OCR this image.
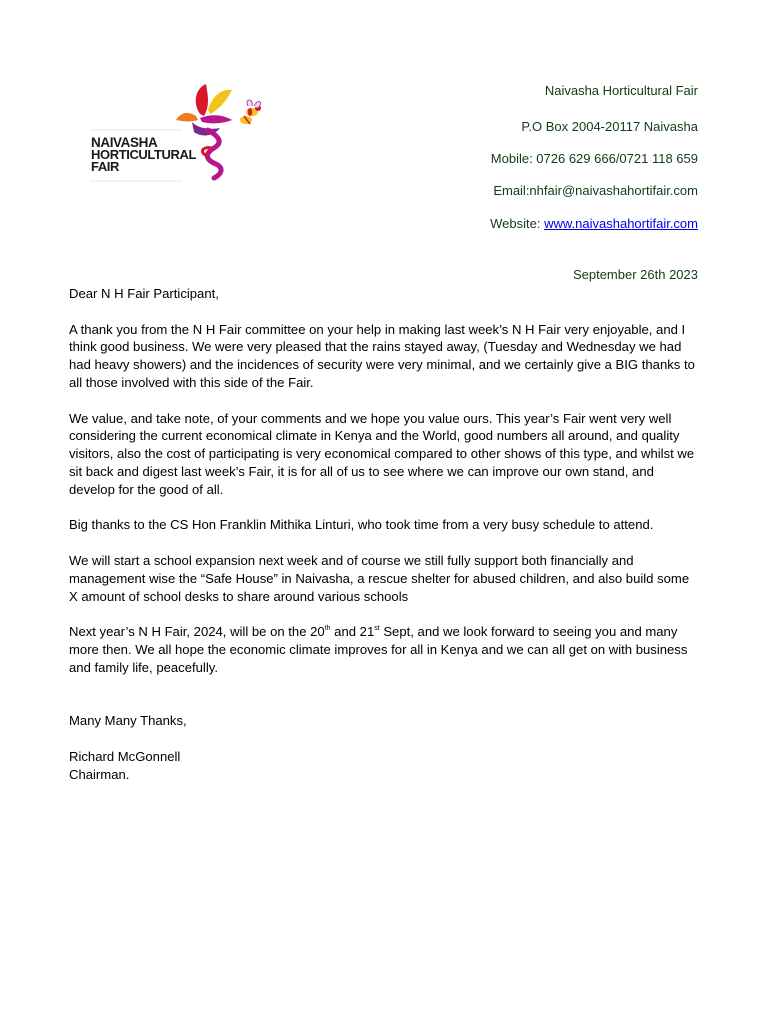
NAIVASHA
HORTICULTURAL
FAIR
Naivasha Horticultural Fair
P.O Box 2004-20117 Naivasha
Mobile: 0726 629 666/0721 118 659
Email:nhfair@naivashahortifair.com
Website: www.naivashahortifair.com
September 26th 2023

Dear N H Fair Participant,

A thank you from the N H Fair committee on your help in making last week’s N H Fair very enjoyable, and I think good business. We were very pleased that the rains stayed away, (Tuesday and Wednesday we had had heavy showers) and the incidences of security were very minimal, and we certainly give a BIG thanks to all those involved with this side of the Fair.

We value, and take note, of your comments and we hope you value ours. This year’s Fair went very well considering the current economical climate in Kenya and the World, good numbers all around, and quality visitors, also the cost of participating is very economical compared to other shows of this type, and whilst we sit back and digest last week’s Fair, it is for all of us to see where we can improve our own stand, and develop for the good of all.

Big thanks to the CS Hon Franklin Mithika Linturi, who took time from a very busy schedule to attend.

We will start a school expansion next week and of course we still fully support both financially and management wise the “Safe House” in Naivasha, a rescue shelter for abused children, and also build some X amount of school desks to share around various schools

Next year’s N H Fair, 2024, will be on the 20th and 21st Sept, and we look forward to seeing you and many more then. We all hope the economic climate improves for all in Kenya and we can all get on with business and family life, peacefully.

Many Many Thanks,

Richard McGonnell

Chairman.
